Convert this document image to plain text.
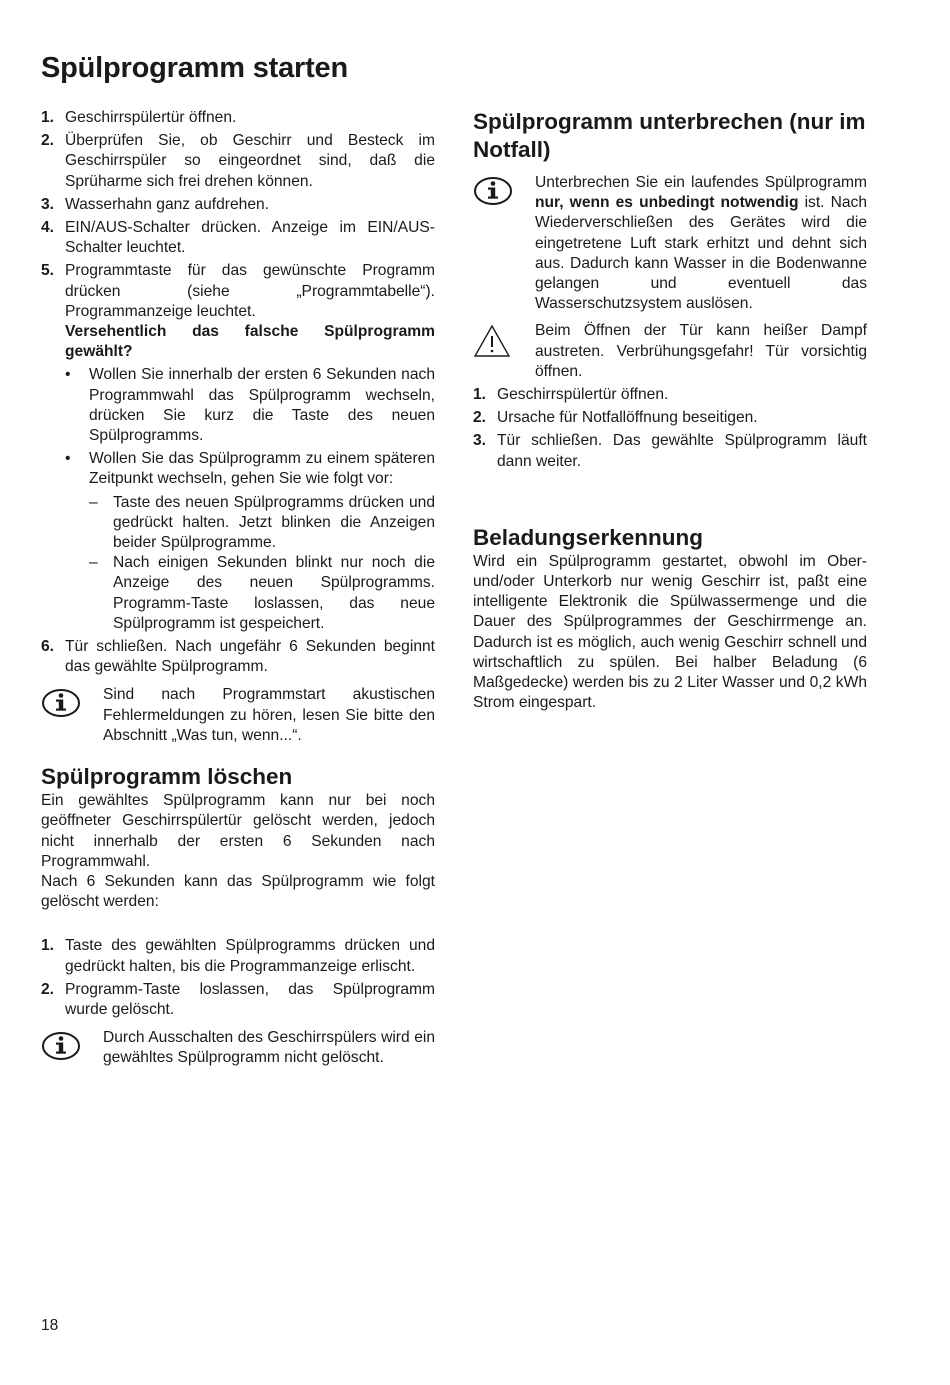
Spülprogramm starten
1. Geschirrspülertür öffnen.
2. Überprüfen Sie, ob Geschirr und Besteck im Geschirrspüler so eingeordnet sind, daß die Sprüharme sich frei drehen können.
3. Wasserhahn ganz aufdrehen.
4. EIN/AUS-Schalter drücken. Anzeige im EIN/AUS-Schalter leuchtet.
5. Programmtaste für das gewünschte Programm drücken (siehe „Programmtabelle“). Programmanzeige leuchtet.

Versehentlich das falsche Spülprogramm gewählt?

• Wollen Sie innerhalb der ersten 6 Sekunden nach Programmwahl das Spülprogramm wechseln, drücken Sie kurz die Taste des neuen Spülprogramms.
• Wollen Sie das Spülprogramm zu einem späteren Zeitpunkt wechseln, gehen Sie wie folgt vor:
– Taste des neuen Spülprogramms drücken und gedrückt halten. Jetzt blinken die Anzeigen beider Spülprogramme.
– Nach einigen Sekunden blinkt nur noch die Anzeige des neuen Spülprogramms. Programm-Taste loslassen, das neue Spülprogramm ist gespeichert.
6. Tür schließen. Nach ungefähr 6 Sekunden beginnt das gewählte Spülprogramm.
Sind nach Programmstart akustischen Fehlermeldungen zu hören, lesen Sie bitte den Abschnitt „Was tun, wenn...“.
Spülprogramm löschen

Ein gewähltes Spülprogramm kann nur bei noch geöffneter Geschirrspülertür gelöscht werden, jedoch nicht innerhalb der ersten 6 Sekunden nach Programmwahl.

Nach 6 Sekunden kann das Spülprogramm wie folgt gelöscht werden:

1. Taste des gewählten Spülprogramms drücken und gedrückt halten, bis die Programmanzeige erlischt.
2. Programm-Taste loslassen, das Spülprogramm wurde gelöscht.
Durch Ausschalten des Geschirrspülers wird ein gewähltes Spülprogramm nicht gelöscht.
Spülprogramm unterbrechen (nur im Notfall)
Unterbrechen Sie ein laufendes Spülprogramm nur, wenn es unbedingt notwendig ist. Nach Wiederverschließen des Gerätes wird die eingetretene Luft stark erhitzt und dehnt sich aus. Dadurch kann Wasser in die Bodenwanne gelangen und eventuell das Wasserschutzsystem auslösen.
Beim Öffnen der Tür kann heißer Dampf austreten. Verbrühungsgefahr! Tür vorsichtig öffnen.
1. Geschirrspülertür öffnen.
2. Ursache für Notfallöffnung beseitigen.
3. Tür schließen. Das gewählte Spülprogramm läuft dann weiter.
Beladungserkennung

Wird ein Spülprogramm gestartet, obwohl im Ober- und/oder Unterkorb nur wenig Geschirr ist, paßt eine intelligente Elektronik die Spülwassermenge und die Dauer des Spülprogrammes der Geschirrmenge an. Dadurch ist es möglich, auch wenig Geschirr schnell und wirtschaftlich zu spülen. Bei halber Beladung (6 Maßgedecke) werden bis zu 2 Liter Wasser und 0,2 kWh Strom eingespart.

18
